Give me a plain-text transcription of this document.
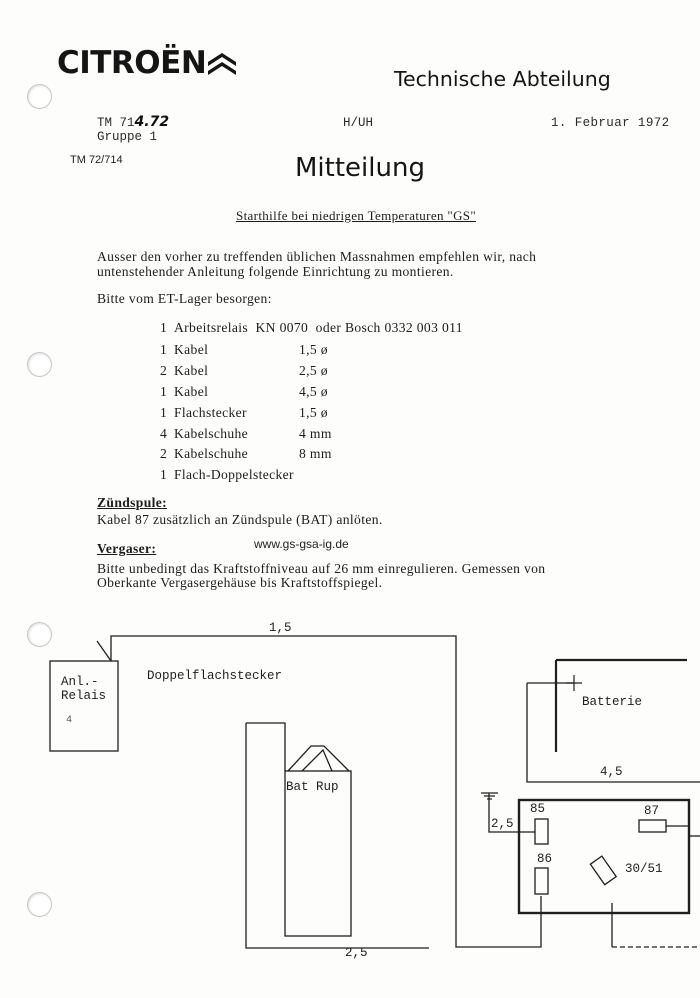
CITROËN	Technische Abteilung
TM 714.72
Gruppe 1
H/UH	1. Februar 1972
TM 72/714	Mitteilung
Starthilfe bei niedrigen Temperaturen "GS"
Ausser den vorher zu treffenden üblichen Massnahmen empfehlen wir, nach
untenstehender Anleitung folgende Einrichtung zu montieren.
Bitte vom ET-Lager besorgen:
1 Arbeitsrelais  KN 0070  oder Bosch 0332 003 011
1 Kabel	1,5 ø
2 Kabel	2,5 ø
1 Kabel	4,5 ø
1 Flachstecker	1,5 ø
4 Kabelschuhe	4 mm
2 Kabelschuhe	8 mm
1 Flach-Doppelstecker
Zündspule:
Kabel 87 zusätzlich an Zündspule (BAT) anlöten.
Vergaser:	www.gs-gsa-ig.de
Bitte unbedingt das Kraftstoffniveau auf 26 mm einregulieren. Gemessen von
Oberkante Vergasergehäuse bis Kraftstoffspiegel.
1,5
2,5
2,5
4,5
Anl.-
Relais
4
Doppelflachstecker
Bat Rup
Batterie
85
86
87
30/51
